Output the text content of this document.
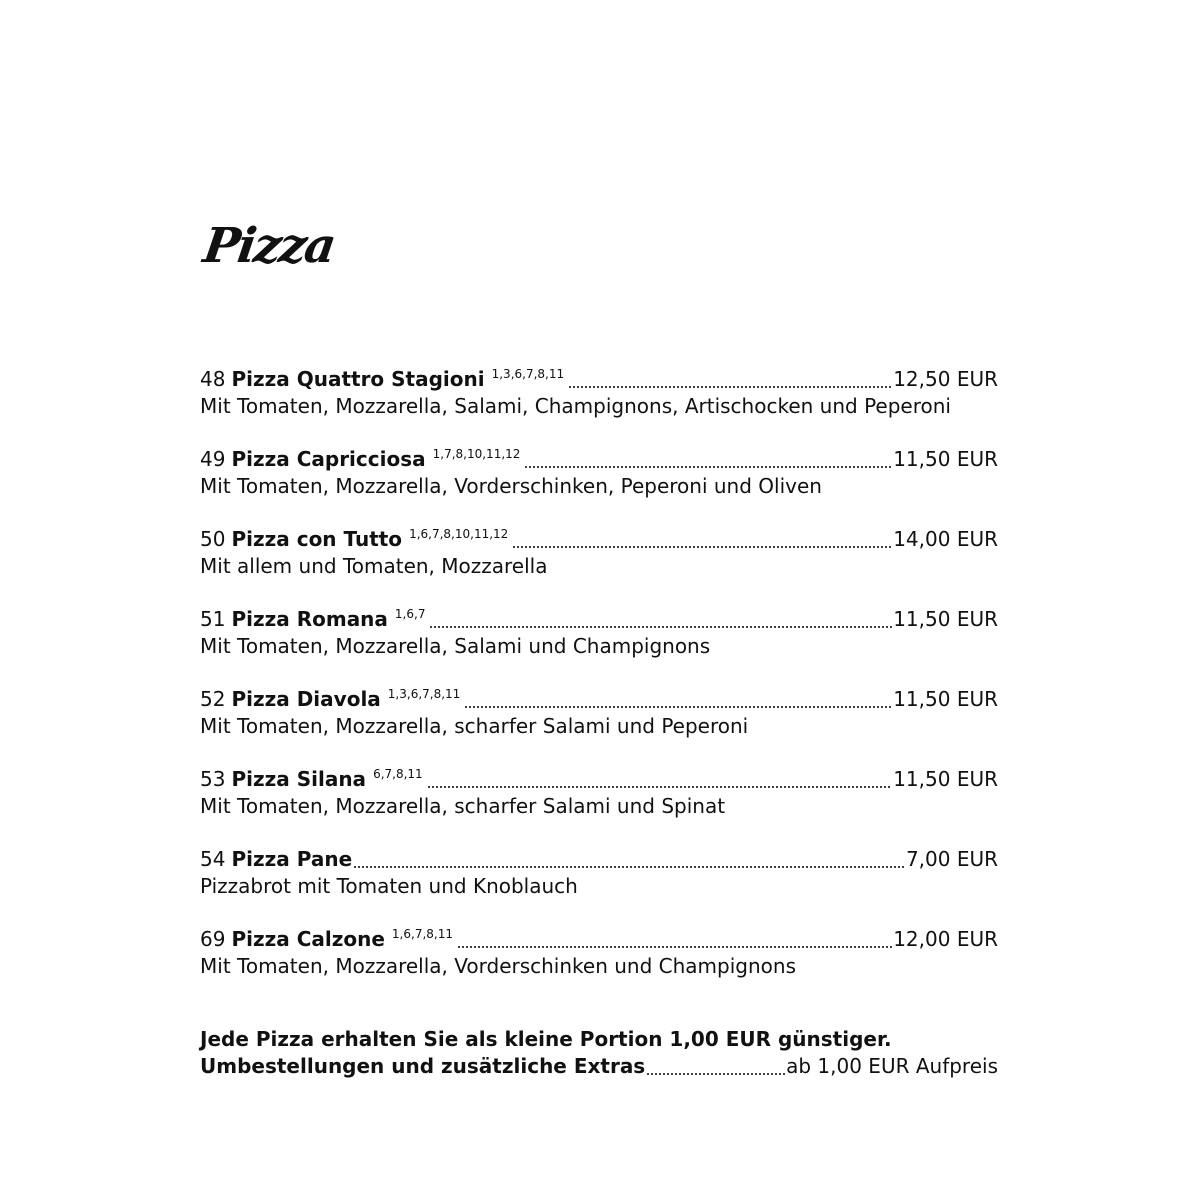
Pizza
48 Pizza Quattro Stagioni 1,3,6,7,8,11	12,50 EUR
Mit Tomaten, Mozzarella, Salami, Champignons, Artischocken und Peperoni
49 Pizza Capricciosa 1,7,8,10,11,12	11,50 EUR
Mit Tomaten, Mozzarella, Vorderschinken, Peperoni und Oliven
50 Pizza con Tutto 1,6,7,8,10,11,12	14,00 EUR
Mit allem und Tomaten, Mozzarella
51 Pizza Romana 1,6,7	11,50 EUR
Mit Tomaten, Mozzarella, Salami und Champignons
52 Pizza Diavola 1,3,6,7,8,11	11,50 EUR
Mit Tomaten, Mozzarella, scharfer Salami und Peperoni
53 Pizza Silana 6,7,8,11	11,50 EUR
Mit Tomaten, Mozzarella, scharfer Salami und Spinat
54 Pizza Pane	7,00 EUR
Pizzabrot mit Tomaten und Knoblauch
69 Pizza Calzone 1,6,7,8,11	12,00 EUR
Mit Tomaten, Mozzarella, Vorderschinken und Champignons
Jede Pizza erhalten Sie als kleine Portion 1,00 EUR günstiger.
Umbestellungen und zusätzliche Extras	ab 1,00 EUR Aufpreis
